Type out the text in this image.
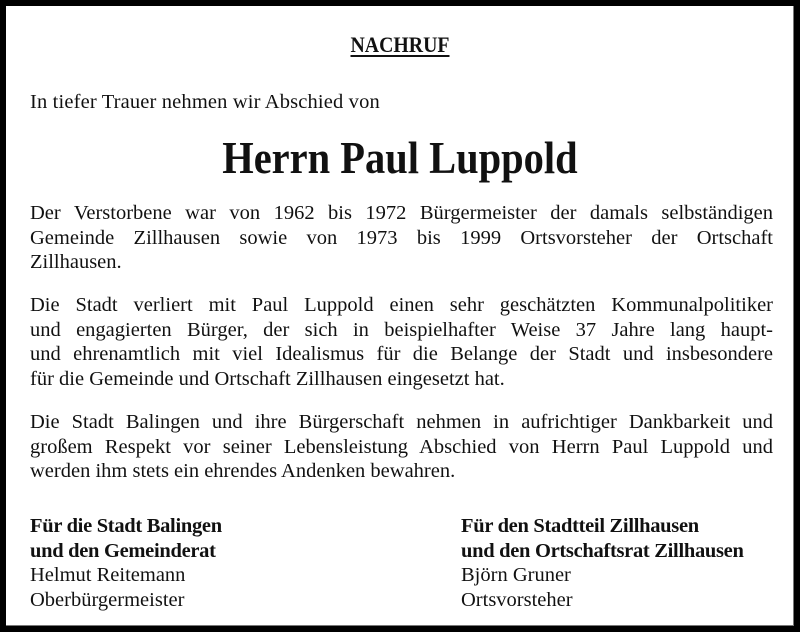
NACHRUF
In tiefer Trauer nehmen wir Abschied von
Herrn Paul Luppold
Der Verstorbene war von 1962 bis 1972 Bürgermeister der damals selbständigen
Gemeinde Zillhausen sowie von 1973 bis 1999 Ortsvorsteher der Ortschaft
Zillhausen.
Die Stadt verliert mit Paul Luppold einen sehr geschätzten Kommunalpolitiker
und engagierten Bürger, der sich in beispielhafter Weise 37 Jahre lang haupt-
und ehrenamtlich mit viel Idealismus für die Belange der Stadt und insbesondere
für die Gemeinde und Ortschaft Zillhausen eingesetzt hat.
Die Stadt Balingen und ihre Bürgerschaft nehmen in aufrichtiger Dankbarkeit und
großem Respekt vor seiner Lebensleistung Abschied von Herrn Paul Luppold und
werden ihm stets ein ehrendes Andenken bewahren.
Für die Stadt Balingen
und den Gemeinderat
Helmut Reitemann
Oberbürgermeister
Für den Stadtteil Zillhausen
und den Ortschaftsrat Zillhausen
Björn Gruner
Ortsvorsteher
